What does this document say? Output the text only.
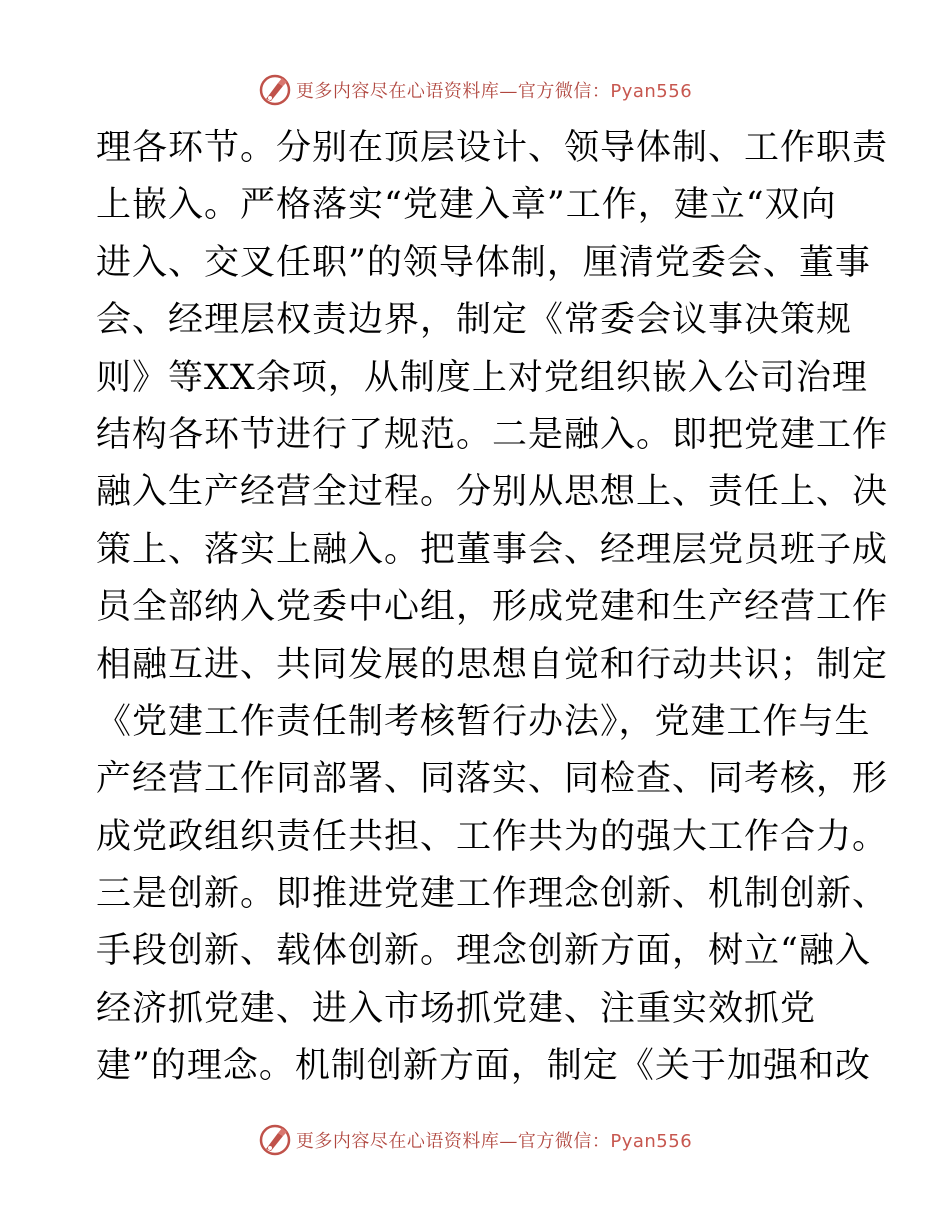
更多内容尽在心语资料库—官方微信：Pyan556
理各环节。分别在顶层设计、领导体制、工作职责
上嵌入。严格落实“党建入章”工作，建立“双向
进入、交叉任职”的领导体制，厘清党委会、董事
会、经理层权责边界，制定《常委会议事决策规
则》等XX余项，从制度上对党组织嵌入公司治理
结构各环节进行了规范。二是融入。即把党建工作
融入生产经营全过程。分别从思想上、责任上、决
策上、落实上融入。把董事会、经理层党员班子成
员全部纳入党委中心组，形成党建和生产经营工作
相融互进、共同发展的思想自觉和行动共识；制定
《党建工作责任制考核暂行办法》，党建工作与生
产经营工作同部署、同落实、同检查、同考核，形
成党政组织责任共担、工作共为的强大工作合力。
三是创新。即推进党建工作理念创新、机制创新、
手段创新、载体创新。理念创新方面，树立“融入
经济抓党建、进入市场抓党建、注重实效抓党
建”的理念。机制创新方面，制定《关于加强和改
更多内容尽在心语资料库—官方微信：Pyan556
